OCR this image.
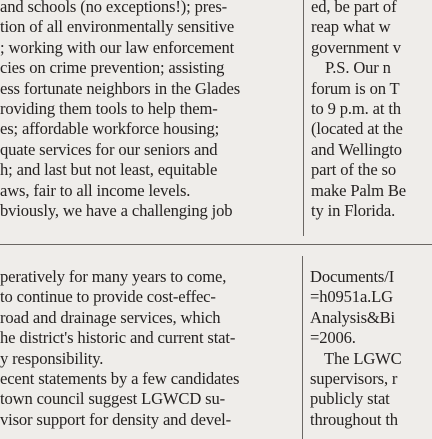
and schools (no exceptions!); pres-
tion of all environmentally sensitive
; working with our law enforcement
cies on crime prevention; assisting
ess fortunate neighbors in the Glades
roviding them tools to help them-
es; affordable workforce housing;
quate services for our seniors and
h; and last but not least, equitable
aws, fair to all income levels.
bviously, we have a challenging job
ed, be part of
reap what w
government v
P.S. Our n
forum is on T
to 9 p.m. at th
(located at the
and Wellingto
part of the so
make Palm Be
ty in Florida.
peratively for many years to come,
to continue to provide cost-effec-
road and drainage services, which
he district's historic and current stat-
y responsibility.
ecent statements by a few candidates
town council suggest LGWCD su-
visor support for density and devel-
Documents/I
=h0951a.LG
Analysis&Bi
=2006.
The LGWC
supervisors, r
publicly stat
throughout th
